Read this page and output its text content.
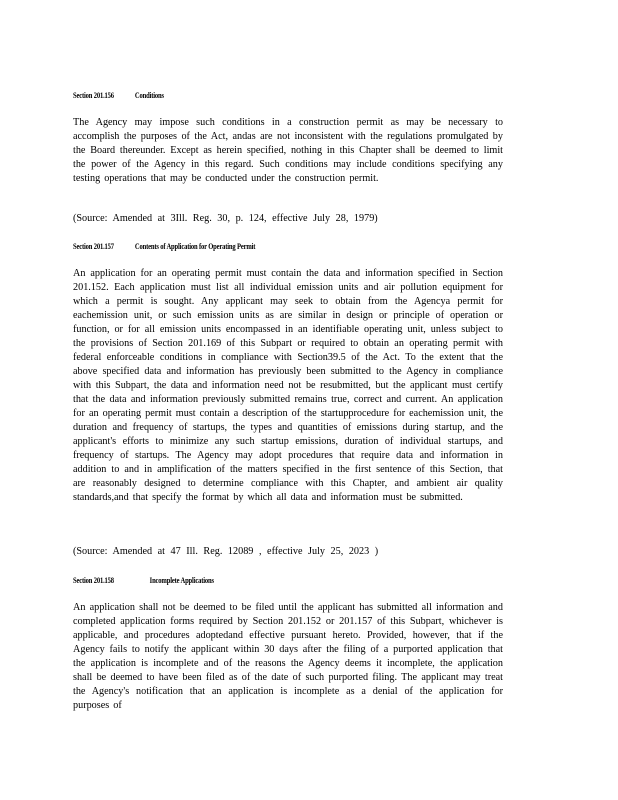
Section 201.156	Conditions

The Agency may impose such conditions in a construction permit as may be necessary to accomplish the purposes of the Act, andas are not inconsistent with the regulations promulgated by the Board thereunder. Except as herein specified, nothing in this Chapter shall be deemed to limit the power of the Agency in this regard. Such conditions may include conditions specifying any testing operations that may be conducted under the construction permit.

(Source: Amended at 3Ill. Reg. 30, p. 124, effective July 28, 1979)
Section 201.157	Contents of Application for Operating Permit

An application for an operating permit must contain the data and information specified in Section 201.152. Each application must list all individual emission units and air pollution equipment for which a permit is sought. Any applicant may seek to obtain from the Agencya permit for eachemission unit, or such emission units as are similar in design or principle of operation or function, or for all emission units encompassed in an identifiable operating unit, unless subject to the provisions of Section 201.169 of this Subpart or required to obtain an operating permit with federal enforceable conditions in compliance with Section39.5 of the Act. To the extent that the above specified data and information has previously been submitted to the Agency in compliance with this Subpart, the data and information need not be resubmitted, but the applicant must certify that the data and information previously submitted remains true, correct and current. An application for an operating permit must contain a description of the startupprocedure for eachemission unit, the duration and frequency of startups, the types and quantities of emissions during startup, and the applicant's efforts to minimize any such startup emissions, duration of individual startups, and frequency of startups. The Agency may adopt procedures that require data and information in addition to and in amplification of the matters specified in the first sentence of this Section, that are reasonably designed to determine compliance with this Chapter, and ambient air quality standards,and that specify the format by which all data and information must be submitted.

(Source: Amended at 47 Ill. Reg. 12089 , effective July 25, 2023 )
Section 201.158	Incomplete Applications

An application shall not be deemed to be filed until the applicant has submitted all information and completed application forms required by Section 201.152 or 201.157 of this Subpart, whichever is applicable, and procedures adoptedand effective pursuant hereto. Provided, however, that if the Agency fails to notify the applicant within 30 days after the filing of a purported application that the application is incomplete and of the reasons the Agency deems it incomplete, the application shall be deemed to have been filed as of the date of such purported filing. The applicant may treat the Agency's notification that an application is incomplete as a denial of the application for purposes of
